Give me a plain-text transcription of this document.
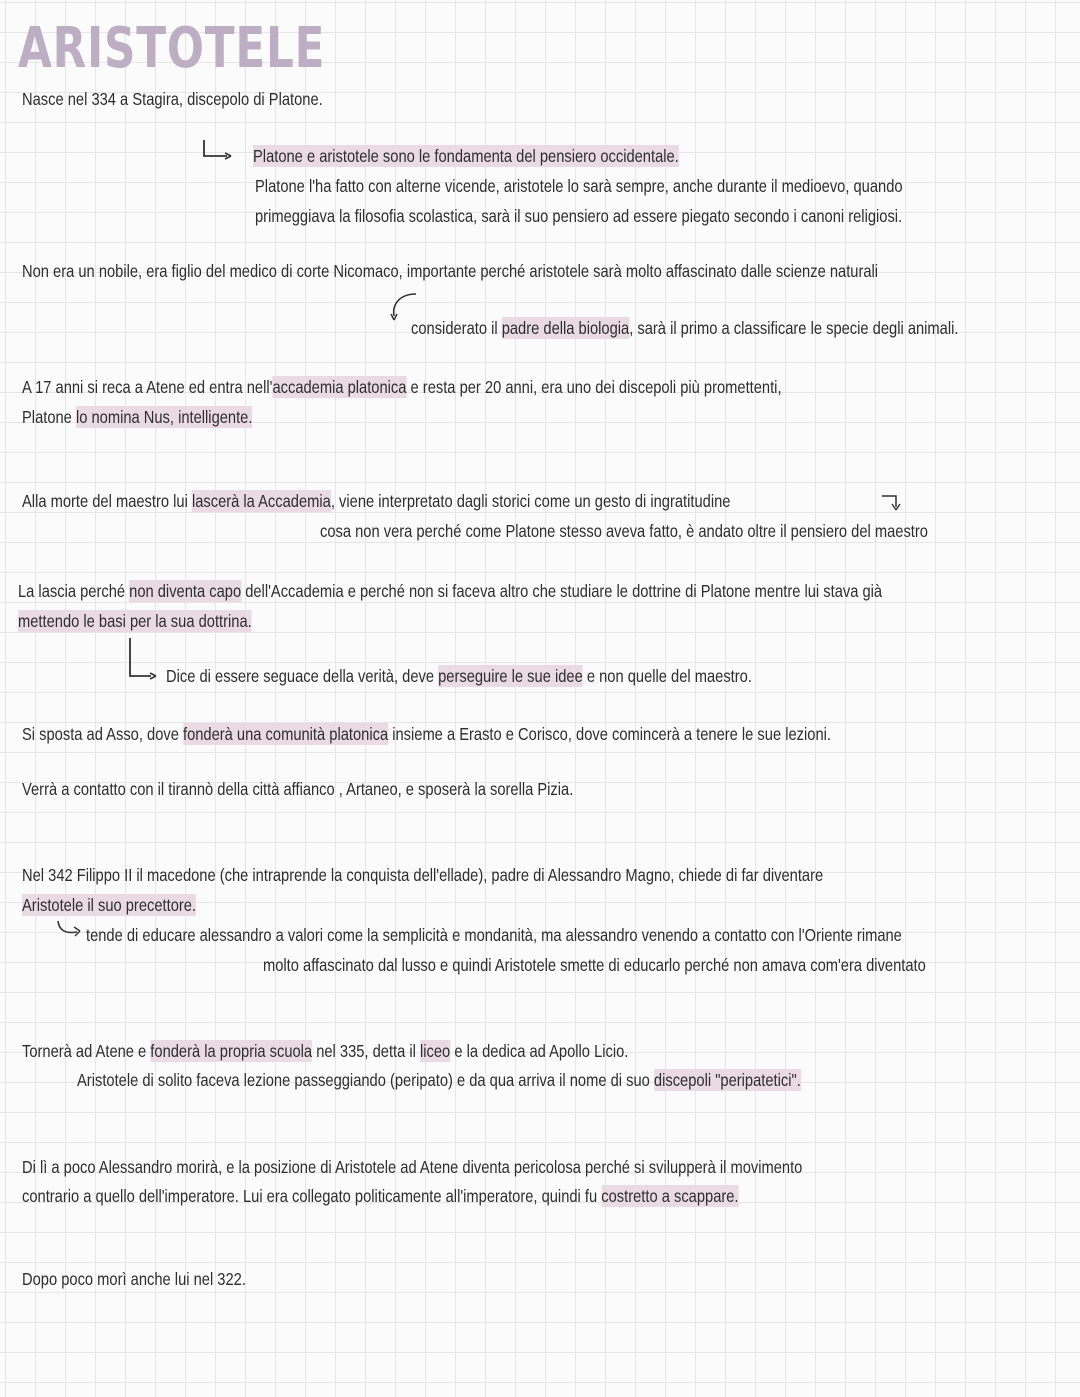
ARISTOTELE
Nasce nel 334 a Stagira, discepolo di Platone.
Platone e aristotele sono le fondamenta del pensiero occidentale.
Platone l'ha fatto con alterne vicende, aristotele lo sarà sempre, anche durante il medioevo, quando
primeggiava la filosofia scolastica, sarà il suo pensiero ad essere piegato secondo i canoni religiosi.
Non era un nobile, era figlio del medico di corte Nicomaco, importante perché aristotele sarà molto affascinato dalle scienze naturali
considerato il padre della biologia, sarà il primo a classificare le specie degli animali.
A 17 anni si reca a Atene ed entra nell'accademia platonica e resta per 20 anni, era uno dei discepoli più promettenti,
Platone lo nomina Nus, intelligente.
Alla morte del maestro lui lascerà la Accademia, viene interpretato dagli storici come un gesto di ingratitudine
cosa non vera perché come Platone stesso aveva fatto, è andato oltre il pensiero del maestro
La lascia perché non diventa capo dell'Accademia e perché non si faceva altro che studiare le dottrine di Platone mentre lui stava già
mettendo le basi per la sua dottrina.
Dice di essere seguace della verità, deve perseguire le sue idee e non quelle del maestro.
Si sposta ad Asso, dove fonderà una comunità platonica insieme a Erasto e Corisco, dove comincerà a tenere le sue lezioni.
Verrà a contatto con il tirannò della città affianco , Artaneo, e sposerà la sorella Pizia.
Nel 342 Filippo II il macedone (che intraprende la conquista dell'ellade), padre di Alessandro Magno, chiede di far diventare
Aristotele il suo precettore.
tende di educare alessandro a valori come la semplicità e mondanità, ma alessandro venendo a contatto con l'Oriente rimane
molto affascinato dal lusso e quindi Aristotele smette di educarlo perché non amava com'era diventato
Tornerà ad Atene e fonderà la propria scuola nel 335, detta il liceo e la dedica ad Apollo Licio.
Aristotele di solito faceva lezione passeggiando (peripato) e da qua arriva il nome di suo discepoli "peripatetici".
Di lì a poco Alessandro morirà, e la posizione di Aristotele ad Atene diventa pericolosa perché si svilupperà il movimento
contrario a quello dell'imperatore. Lui era collegato politicamente all'imperatore, quindi fu costretto a scappare.
Dopo poco morì anche lui nel 322.
